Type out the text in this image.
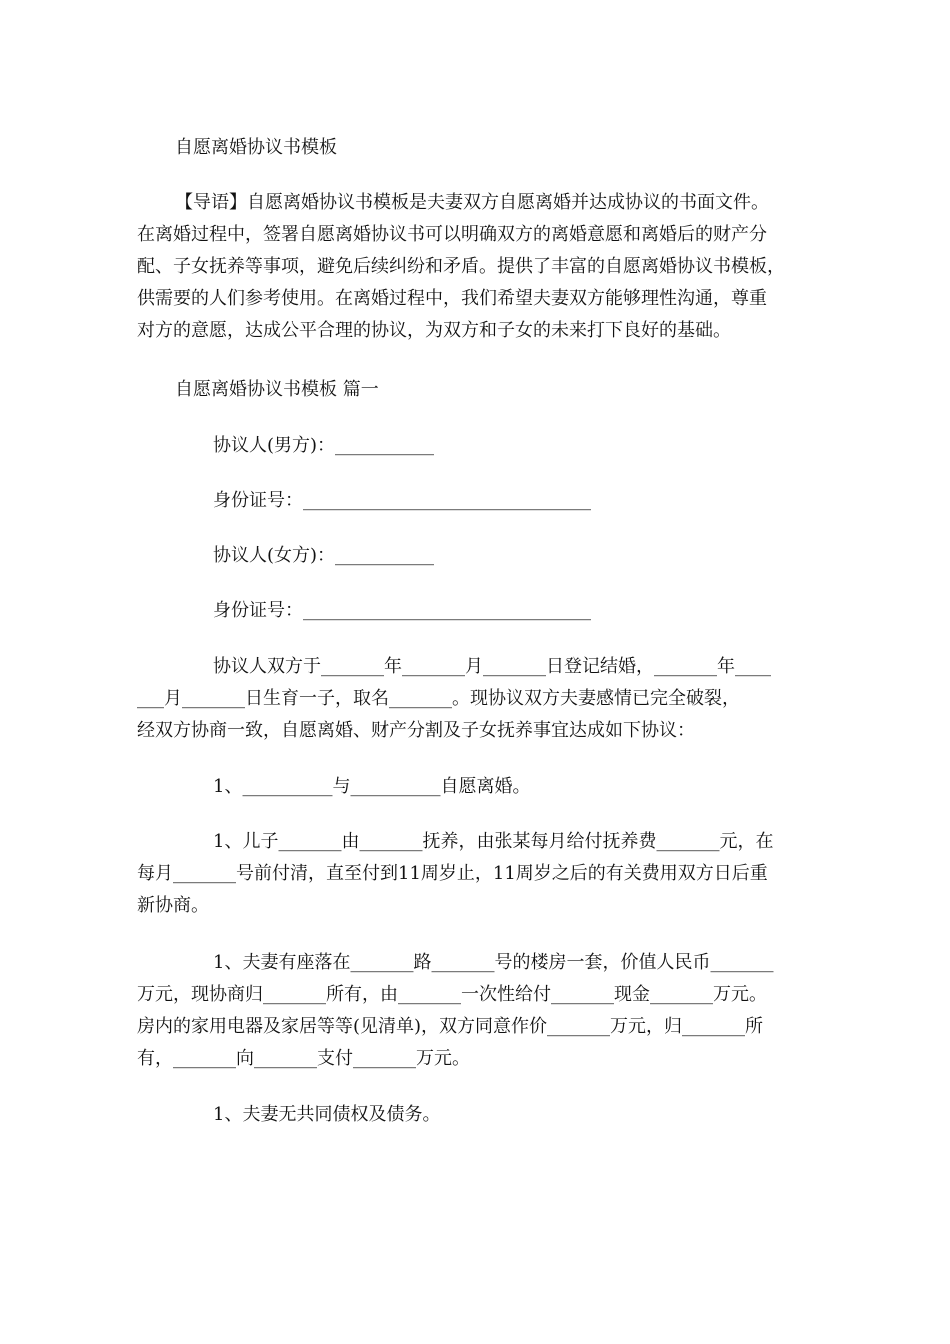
自愿离婚协议书模板
【导语】自愿离婚协议书模板是夫妻双方自愿离婚并达成协议的书面文件。
在离婚过程中，签署自愿离婚协议书可以明确双方的离婚意愿和离婚后的财产分
配、子女抚养等事项，避免后续纠纷和矛盾。提供了丰富的自愿离婚协议书模板，
供需要的人们参考使用。在离婚过程中，我们希望夫妻双方能够理性沟通，尊重
对方的意愿，达成公平合理的协议，为双方和子女的未来打下良好的基础。
自愿离婚协议书模板 篇一
协议人(男方)：___________
身份证号：________________________________
协议人(女方)：___________
身份证号：________________________________
协议人双方于_______年_______月_______日登记结婚，_______年____
___月_______日生育一子，取名_______。现协议双方夫妻感情已完全破裂，
经双方协商一致，自愿离婚、财产分割及子女抚养事宜达成如下协议：
1、__________与__________自愿离婚。
1、儿子_______由_______抚养，由张某每月给付抚养费_______元，在
每月_______号前付清，直至付到11周岁止，11周岁之后的有关费用双方日后重
新协商。
1、夫妻有座落在_______路_______号的楼房一套，价值人民币_______
万元，现协商归_______所有，由_______一次性给付_______现金_______万元。
房内的家用电器及家居等等(见清单)，双方同意作价_______万元，归_______所
有，_______向_______支付_______万元。
1、夫妻无共同债权及债务。
